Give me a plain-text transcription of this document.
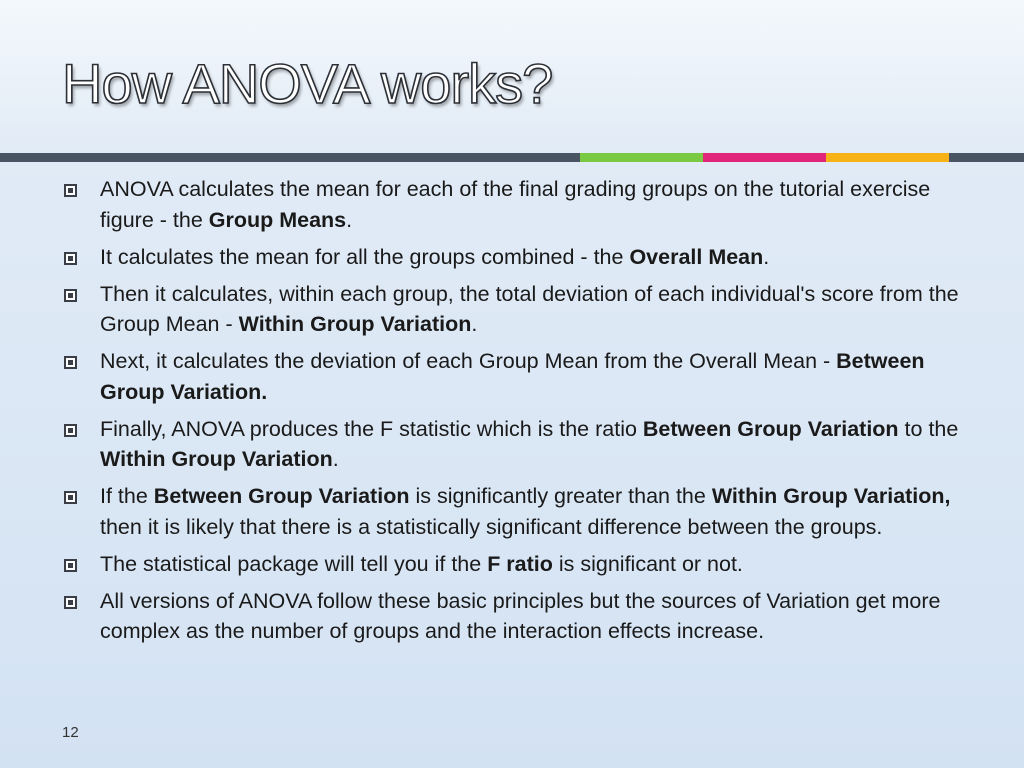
How ANOVA works?
ANOVA calculates the mean for each of the final grading groups on the tutorial exercise figure - the Group Means.
It calculates the mean for all the groups combined - the Overall Mean.
Then it calculates, within each group, the total deviation of each individual's score from the Group Mean - Within Group Variation.
Next, it calculates the deviation of each Group Mean from the Overall Mean - Between Group Variation.
Finally, ANOVA produces the F statistic which is the ratio Between Group Variation to the Within Group Variation.
If the Between Group Variation is significantly greater than the Within Group Variation, then it is likely that there is a statistically significant difference between the groups.
The statistical package will tell you if the F ratio is significant or not.
All versions of ANOVA follow these basic principles but the sources of Variation get more complex as the number of groups and the interaction effects increase.
12
